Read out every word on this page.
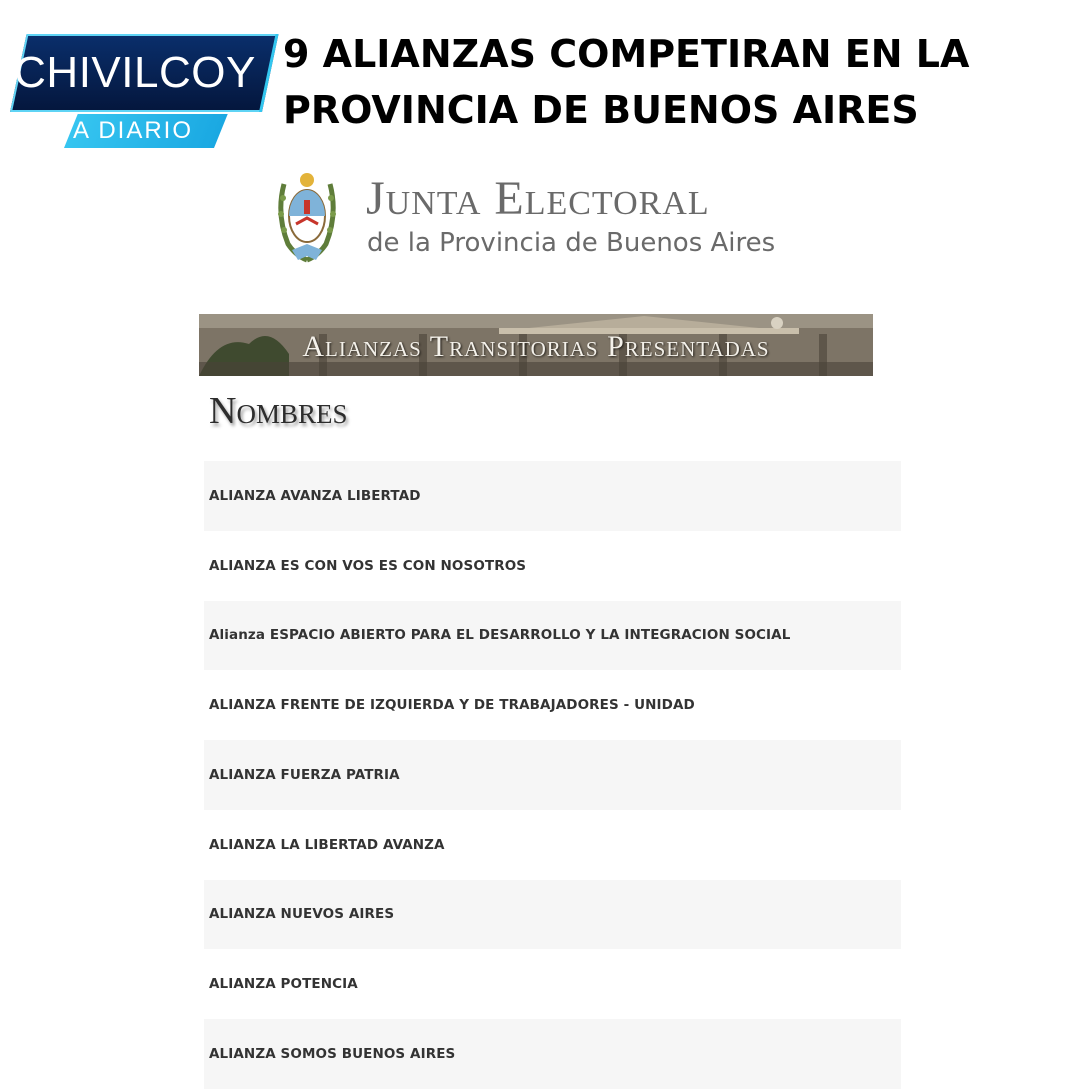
CHIVILCOY
A DIARIO
9 ALIANZAS COMPETIRAN EN LA
PROVINCIA DE BUENOS AIRES
Junta Electoral
de la Provincia de Buenos Aires
Alianzas Transitorias Presentadas
Nombres
ALIANZA AVANZA LIBERTAD
ALIANZA ES CON VOS ES CON NOSOTROS
Alianza ESPACIO ABIERTO PARA EL DESARROLLO Y LA INTEGRACION SOCIAL
ALIANZA FRENTE DE IZQUIERDA Y DE TRABAJADORES - UNIDAD
ALIANZA FUERZA PATRIA
ALIANZA LA LIBERTAD AVANZA
ALIANZA NUEVOS AIRES
ALIANZA POTENCIA
ALIANZA SOMOS BUENOS AIRES
